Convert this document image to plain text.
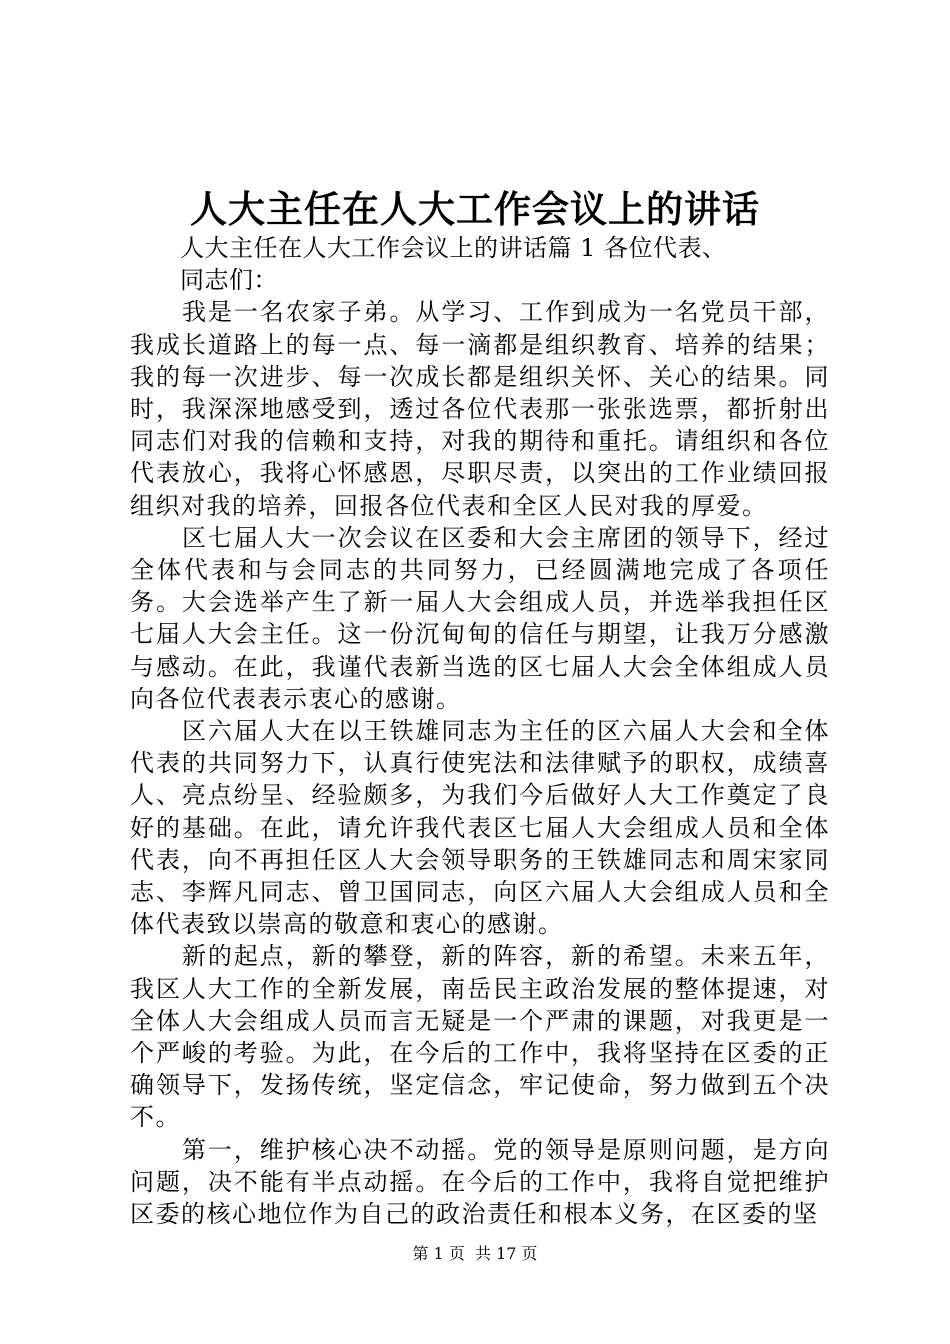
人大主任在人大工作会议上的讲话

人大主任在人大工作会议上的讲话篇 1 各位代表、

同志们：

我是一名农家子弟。从学习、工作到成为一名党员干部，我成长道路上的每一点、每一滴都是组织教育、培养的结果；我的每一次进步、每一次成长都是组织关怀、关心的结果。同时，我深深地感受到，透过各位代表那一张张选票，都折射出同志们对我的信赖和支持，对我的期待和重托。请组织和各位代表放心，我将心怀感恩，尽职尽责，以突出的工作业绩回报组织对我的培养，回报各位代表和全区人民对我的厚爱。

区七届人大一次会议在区委和大会主席团的领导下，经过全体代表和与会同志的共同努力，已经圆满地完成了各项任务。大会选举产生了新一届人大会组成人员，并选举我担任区七届人大会主任。这一份沉甸甸的信任与期望，让我万分感激与感动。在此，我谨代表新当选的区七届人大会全体组成人员向各位代表表示衷心的感谢。

区六届人大在以王铁雄同志为主任的区六届人大会和全体代表的共同努力下，认真行使宪法和法律赋予的职权，成绩喜人、亮点纷呈、经验颇多，为我们今后做好人大工作奠定了良好的基础。在此，请允许我代表区七届人大会组成人员和全体代表，向不再担任区人大会领导职务的王铁雄同志和周宋家同志、李辉凡同志、曾卫国同志，向区六届人大会组成人员和全体代表致以崇高的敬意和衷心的感谢。

新的起点，新的攀登，新的阵容，新的希望。未来五年，我区人大工作的全新发展，南岳民主政治发展的整体提速，对全体人大会组成人员而言无疑是一个严肃的课题，对我更是一个严峻的考验。为此，在今后的工作中，我将坚持在区委的正确领导下，发扬传统，坚定信念，牢记使命，努力做到五个决不。

第一，维护核心决不动摇。党的领导是原则问题，是方向问题，决不能有半点动摇。在今后的工作中，我将自觉把维护区委的核心地位作为自己的政治责任和根本义务，在区委的坚

第 1 页  共 17 页
